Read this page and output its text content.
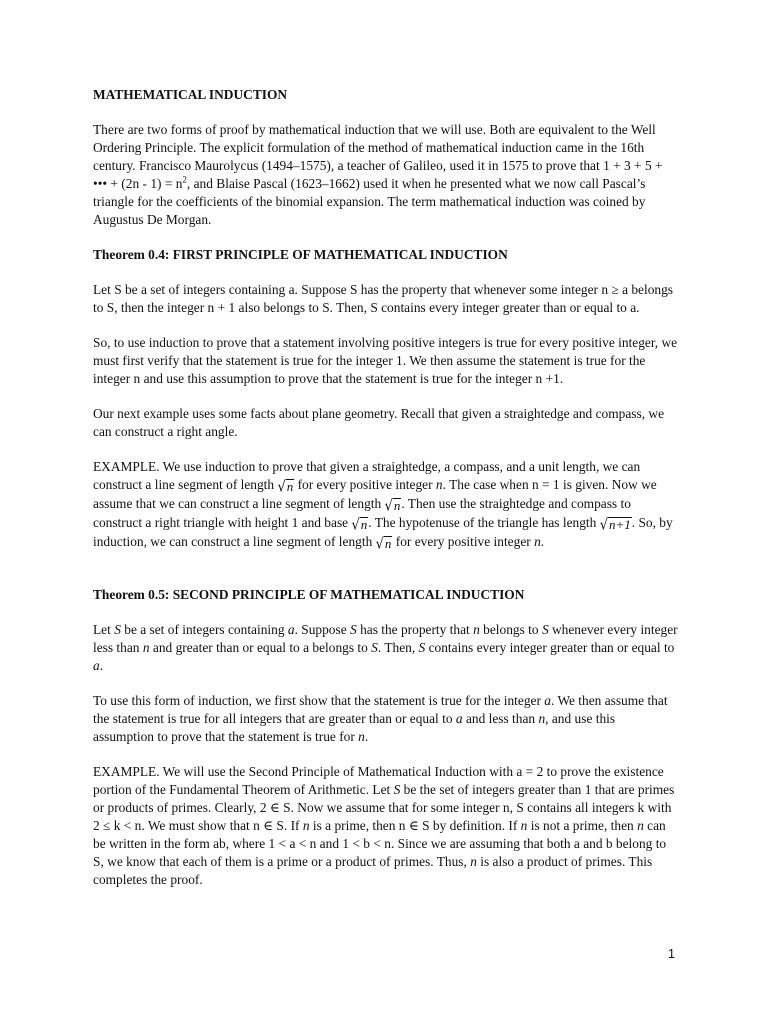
MATHEMATICAL INDUCTION

There are two forms of proof by mathematical induction that we will use. Both are equivalent to the Well Ordering Principle. The explicit formulation of the method of mathematical induction came in the 16th century. Francisco Maurolycus (1494–1575), a teacher of Galileo, used it in 1575 to prove that 1 + 3 + 5 + ••• + $(2n - 1) = n^2$, and Blaise Pascal (1623–1662) used it when he presented what we now call Pascal’s triangle for the coefficients of the binomial expansion. The term mathematical induction was coined by Augustus De Morgan.

Theorem 0.4: FIRST PRINCIPLE OF MATHEMATICAL INDUCTION

Let S be a set of integers containing a. Suppose S has the property that whenever some integer n ≥ a belongs to S, then the integer n + 1 also belongs to S. Then, S contains every integer greater than or equal to a.

So, to use induction to prove that a statement involving positive integers is true for every positive integer, we must first verify that the statement is true for the integer 1. We then assume the statement is true for the integer n and use this assumption to prove that the statement is true for the integer n +1.

Our next example uses some facts about plane geometry. Recall that given a straightedge and compass, we can construct a right angle.

EXAMPLE. We use induction to prove that given a straightedge, a compass, and a unit length, we can construct a line segment of length √n for every positive integer n. The case when n = 1 is given. Now we assume that we can construct a line segment of length √n. Then use the straightedge and compass to construct a right triangle with height 1 and base √n. The hypotenuse of the triangle has length √n+1. So, by induction, we can construct a line segment of length √n for every positive integer n.

Theorem 0.5: SECOND PRINCIPLE OF MATHEMATICAL INDUCTION

Let S be a set of integers containing a. Suppose S has the property that n belongs to S whenever every integer less than n and greater than or equal to a belongs to S. Then, S contains every integer greater than or equal to a.

To use this form of induction, we first show that the statement is true for the integer a. We then assume that the statement is true for all integers that are greater than or equal to a and less than n, and use this assumption to prove that the statement is true for n.

EXAMPLE. We will use the Second Principle of Mathematical Induction with a = 2 to prove the existence portion of the Fundamental Theorem of Arithmetic. Let S be the set of integers greater than 1 that are primes or products of primes. Clearly, 2 ∈ S. Now we assume that for some integer n, S contains all integers k with 2 ≤ k < n. We must show that n ∈ S. If n is a prime, then n ∈ S by definition. If n is not a prime, then n can be written in the form ab, where 1 < a < n and 1 < b < n. Since we are assuming that both a and b belong to S, we know that each of them is a prime or a product of primes. Thus, n is also a product of primes. This completes the proof.

1
